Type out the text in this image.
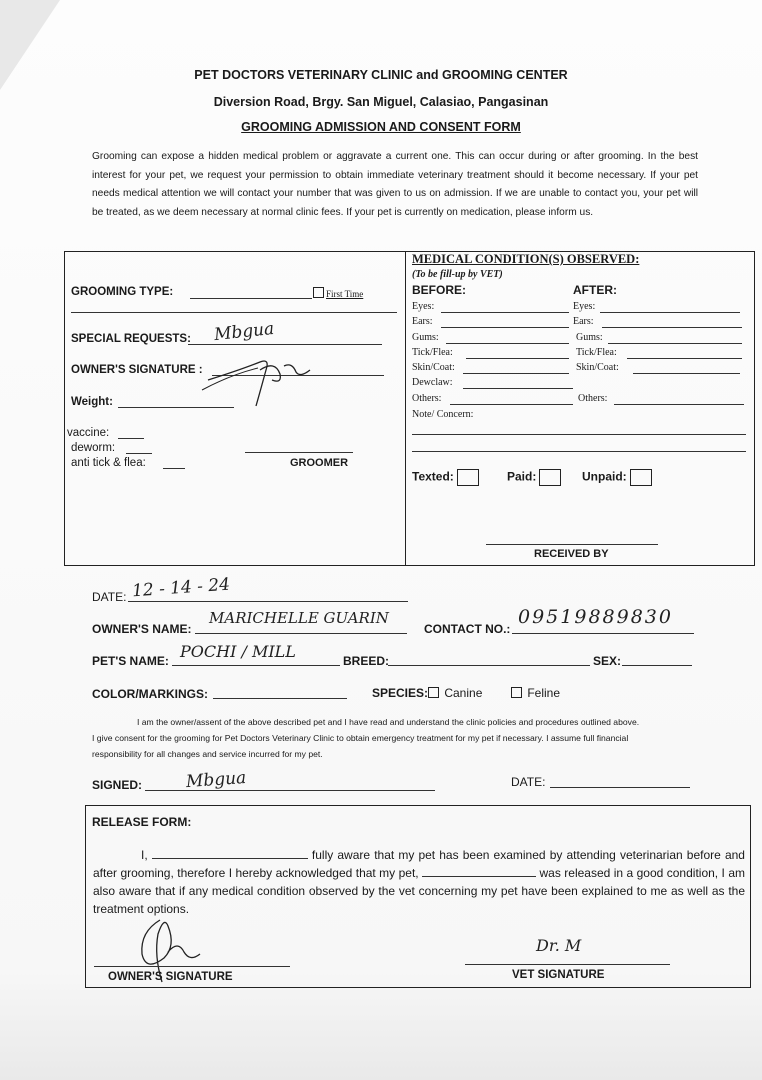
PET DOCTORS VETERINARY CLINIC and GROOMING CENTER
Diversion Road, Brgy. San Miguel, Calasiao, Pangasinan
GROOMING ADMISSION AND CONSENT FORM
Grooming can expose a hidden medical problem or aggravate a current one. This can occur during or after grooming. In the best interest for your pet, we request your permission to obtain immediate veterinary treatment should it become necessary. If your pet needs medical attention we will contact your number that was given to us on admission. If we are unable to contact you, your pet will be treated, as we deem necessary at normal clinic fees. If your pet is currently on medication, please inform us.
GROOMING TYPE:	First Time
SPECIAL REQUESTS: Mbgua
OWNER'S SIGNATURE :
Weight:
vaccine:
deworm:
anti tick & flea:	GROOMER
MEDICAL CONDITION(S) OBSERVED:
(To be fill-up by VET)
BEFORE:	AFTER:
Eyes:	Eyes:
Ears:	Ears:
Gums:	Gums:
Tick/Flea:	Tick/Flea:
Skin/Coat:	Skin/Coat:
Dewclaw:
Others:	Others:
Note/ Concern:
Texted:	Paid:	Unpaid:
RECEIVED BY
DATE: 12 - 14 - 24
OWNER'S NAME:
MARICHELLE GUARIN
CONTACT NO.:
09519889830
PET'S NAME: POCHI / MILL	BREED:	SEX:
COLOR/MARKINGS:	SPECIES:	Canine	Feline
I am the owner/assent of the above described pet and I have read and understand the clinic policies and procedures outlined above.
I give consent for the grooming for Pet Doctors Veterinary Clinic to obtain emergency treatment for my pet if necessary. I assume full financial
responsibility for all changes and service incurred for my pet.
SIGNED:	Mbgua	DATE:
RELEASE FORM:
I,	fully aware that my pet has been examined by attending veterinarian before and after grooming, therefore I hereby acknowledged that my pet,	was released in a good condition, I am also aware that if any medical condition observed by the vet concerning my pet have been explained to me as well as the treatment options.
OWNER'S SIGNATURE
Dr. M
VET SIGNATURE
